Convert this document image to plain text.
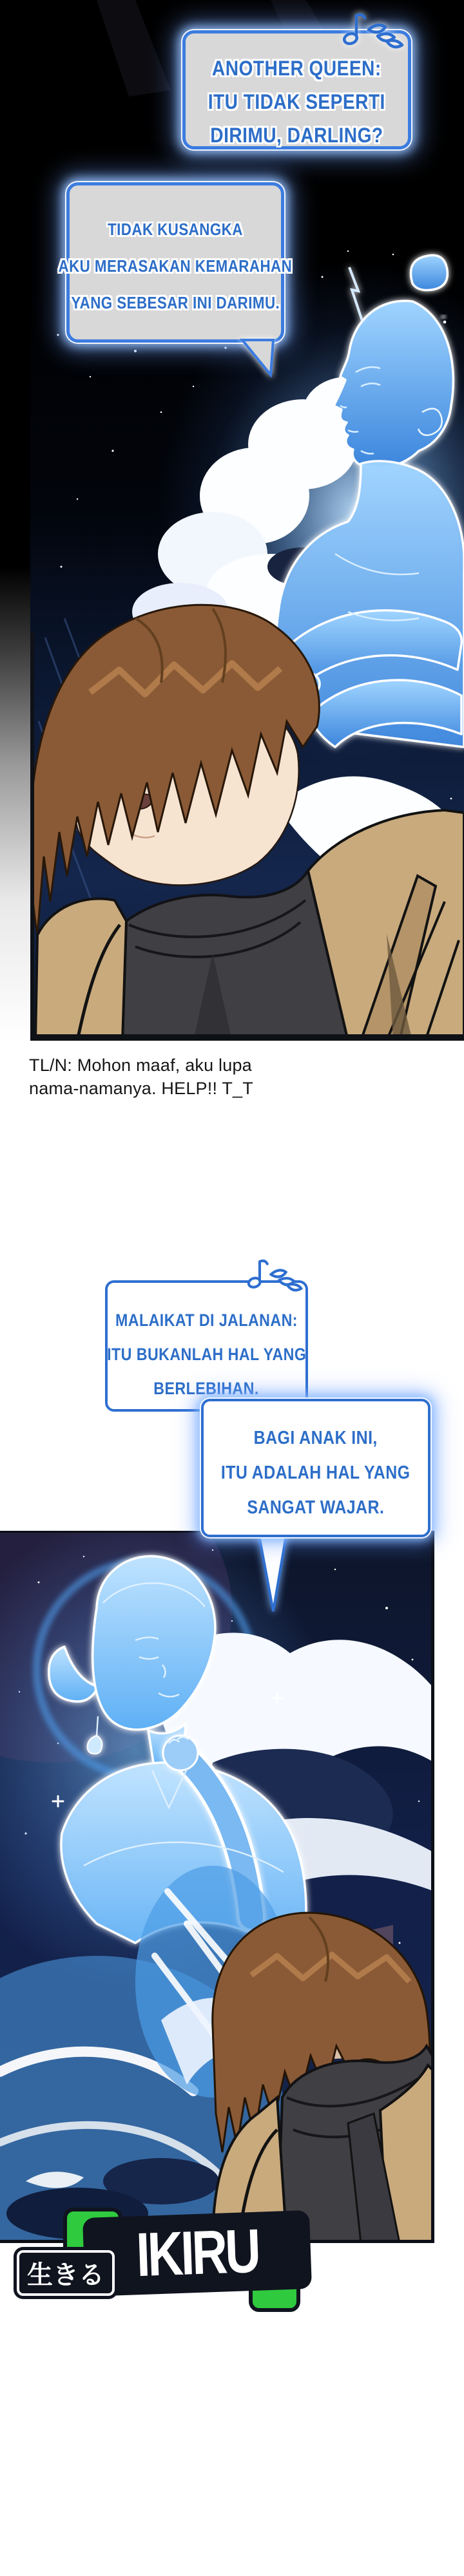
ANOTHER QUEEN:
ITU TIDAK SEPERTI
DIRIMU, DARLING?
TIDAK KUSANGKA
AKU MERASAKAN KEMARAHAN
YANG SEBESAR INI DARIMU.
TL/N: Mohon maaf, aku lupa
nama-namanya. HELP!! T_T
MALAIKAT DI JALANAN:
ITU BUKANLAH HAL YANG
BERLEBIHAN.
BAGI ANAK INI,
ITU ADALAH HAL YANG
SANGAT WAJAR.
IKIRU
生きる
